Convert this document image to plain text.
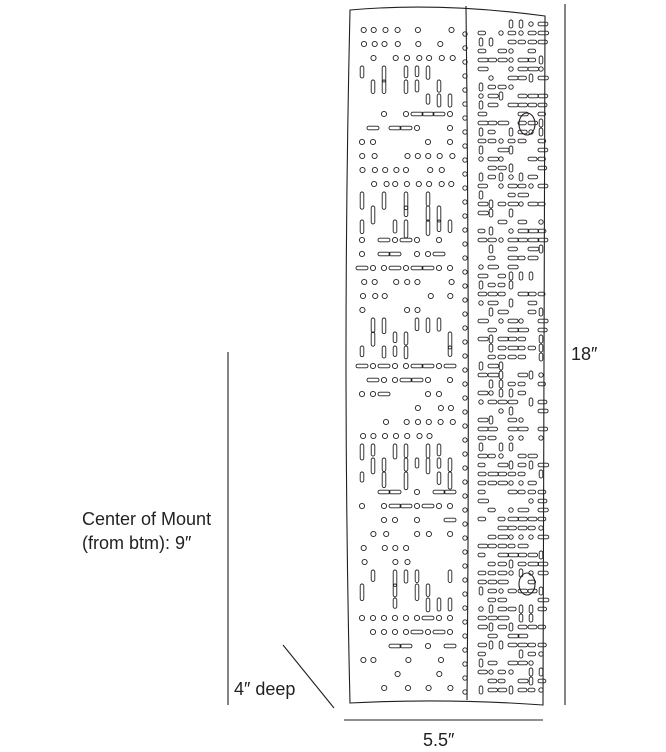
18″
5.5″
4″ deep
Center of Mount
(from btm): 9″
